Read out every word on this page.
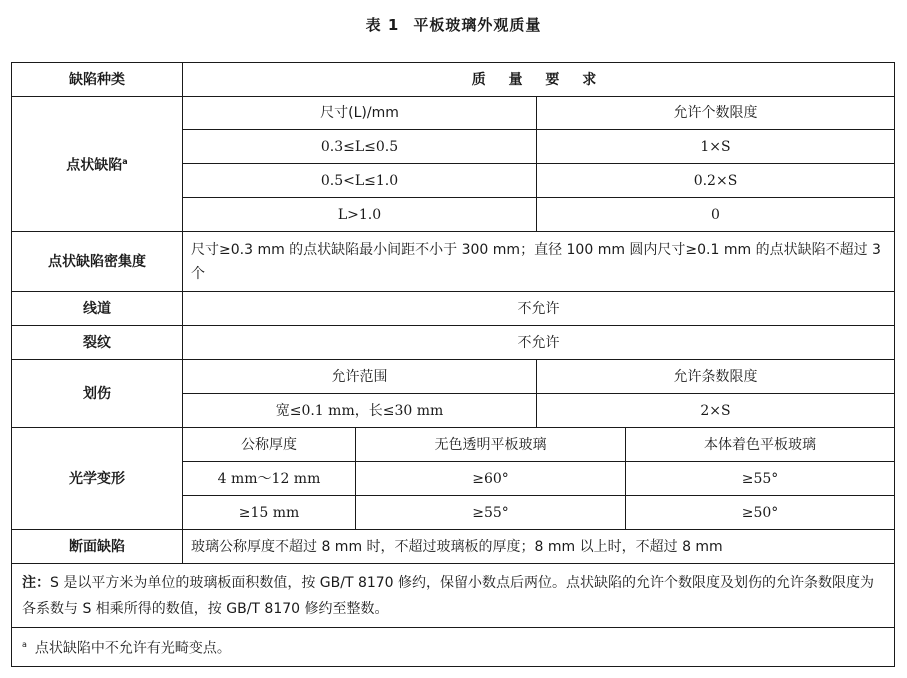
表 1 平板玻璃外观质量
缺陷种类	质 量 要 求			
点状缺陷$^a$	尺寸(L)/mm		允许个数限度	
	0.3≤L≤0.5		1×S	
	0.5<L≤1.0		0.2×S	
	L>1.0		0	
点状缺陷密集度	尺寸≥0.3 mm 的点状缺陷最小间距不小于 300 mm；直径 100 mm 圆内尺寸≥0.1 mm 的点状缺陷不超过 3 个			
线道	不允许			
裂纹	不允许			
划伤	允许范围		允许条数限度	
	宽≤0.1 mm，长≤30 mm		2×S	
光学变形	公称厚度	无色透明平板玻璃		本体着色平板玻璃
	4 mm～12 mm	≥60°		≥55°
	≥15 mm	≥55°		≥50°
断面缺陷	玻璃公称厚度不超过 8 mm 时，不超过玻璃板的厚度；8 mm 以上时，不超过 8 mm			
注：S 是以平方米为单位的玻璃板面积数值，按 GB/T 8170 修约，保留小数点后两位。点状缺陷的允许个数限度及划伤的允许条数限度为各系数与 S 相乘所得的数值，按 GB/T 8170 修约至整数。				
$^a$ 点状缺陷中不允许有光畸变点。				
